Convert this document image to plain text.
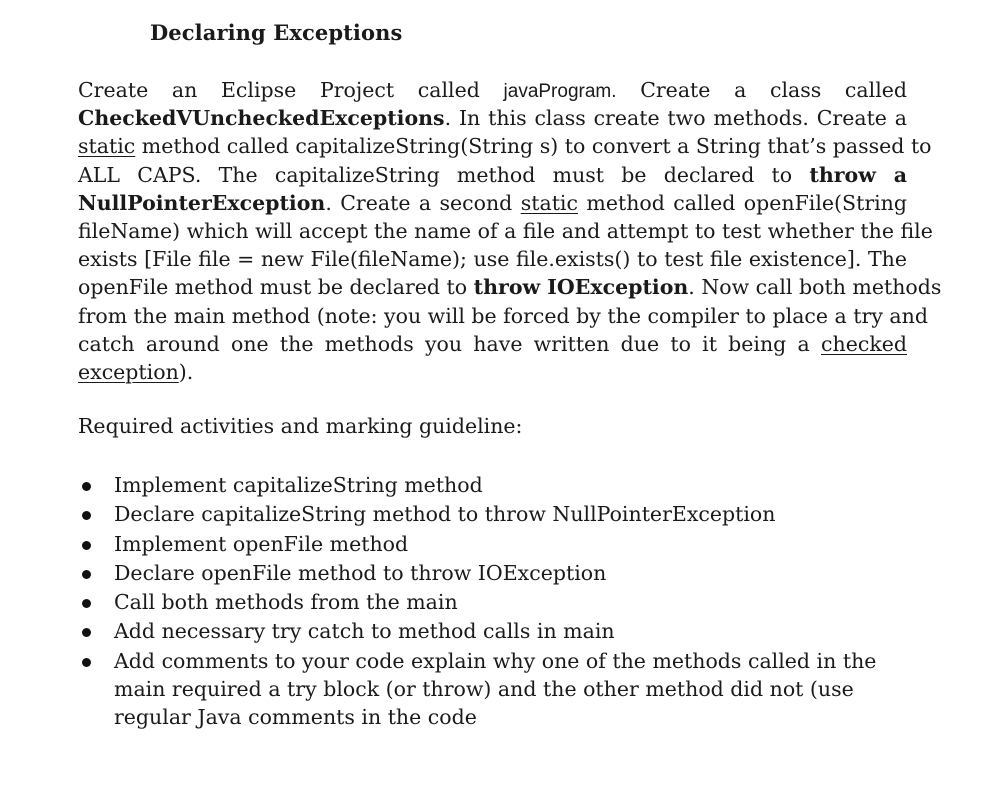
Declaring Exceptions
Create an Eclipse Project called javaProgram. Create a class called
CheckedVUncheckedExceptions. In this class create two methods. Create a
static method called capitalizeString(String s) to convert a String that’s passed to
ALL CAPS. The capitalizeString method must be declared to throw a
NullPointerException. Create a second static method called openFile(String
fileName) which will accept the name of a file and attempt to test whether the file
exists [File file = new File(fileName); use file.exists() to test file existence]. The
openFile method must be declared to throw IOException. Now call both methods
from the main method (note: you will be forced by the compiler to place a try and
catch around one the methods you have written due to it being a checked
exception).
Required activities and marking guideline:
Implement capitalizeString method
Declare capitalizeString method to throw NullPointerException
Implement openFile method
Declare openFile method to throw IOException
Call both methods from the main
Add necessary try catch to method calls in main
Add comments to your code explain why one of the methods called in the
main required a try block (or throw) and the other method did not (use
regular Java comments in the code
